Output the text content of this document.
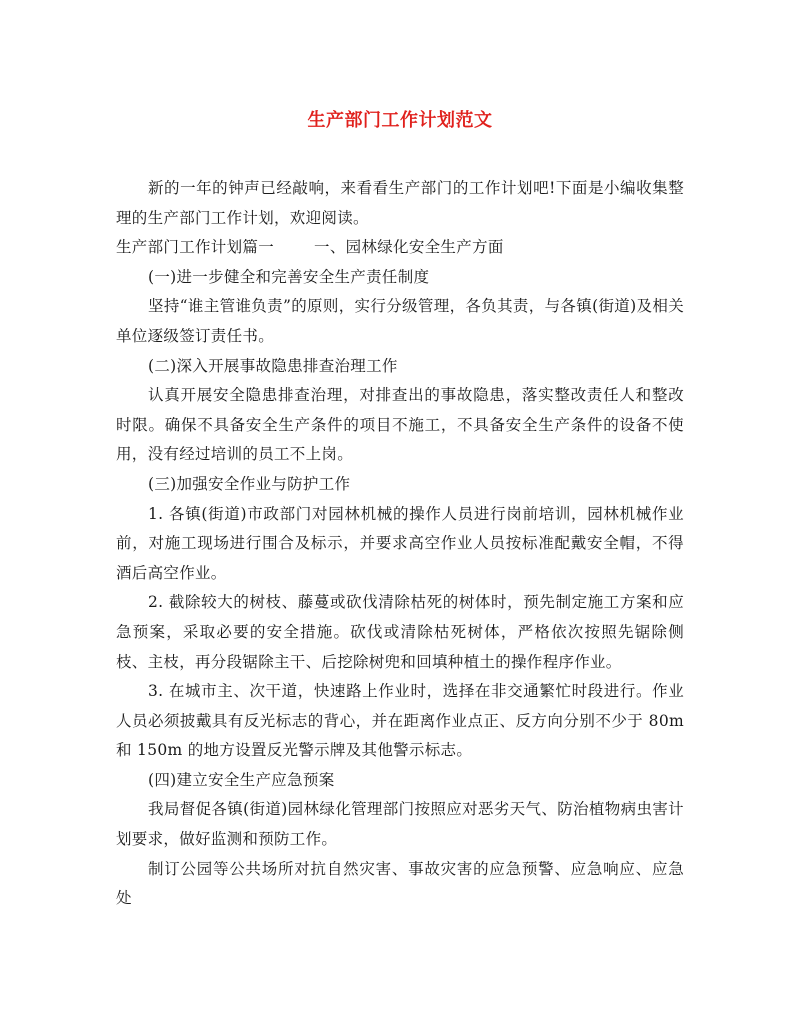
生产部门工作计划范文

新的一年的钟声已经敲响，来看看生产部门的工作计划吧!下面是小编收集整理的生产部门工作计划，欢迎阅读。

生产部门工作计划篇一	一、园林绿化安全生产方面

(一)进一步健全和完善安全生产责任制度

坚持“谁主管谁负责”的原则，实行分级管理，各负其责，与各镇(街道)及相关单位逐级签订责任书。

(二)深入开展事故隐患排查治理工作

认真开展安全隐患排查治理，对排查出的事故隐患，落实整改责任人和整改时限。确保不具备安全生产条件的项目不施工，不具备安全生产条件的设备不使用，没有经过培训的员工不上岗。

(三)加强安全作业与防护工作

1. 各镇(街道)市政部门对园林机械的操作人员进行岗前培训，园林机械作业前，对施工现场进行围合及标示，并要求高空作业人员按标准配戴安全帽，不得酒后高空作业。

2. 截除较大的树枝、藤蔓或砍伐清除枯死的树体时，预先制定施工方案和应急预案，采取必要的安全措施。砍伐或清除枯死树体，严格依次按照先锯除侧枝、主枝，再分段锯除主干、后挖除树兜和回填种植土的操作程序作业。

3. 在城市主、次干道，快速路上作业时，选择在非交通繁忙时段进行。作业人员必须披戴具有反光标志的背心，并在距离作业点正、反方向分别不少于 80m 和 150m 的地方设置反光警示牌及其他警示标志。

(四)建立安全生产应急预案

我局督促各镇(街道)园林绿化管理部门按照应对恶劣天气、防治植物病虫害计划要求，做好监测和预防工作。

制订公园等公共场所对抗自然灾害、事故灾害的应急预警、应急响应、应急处
